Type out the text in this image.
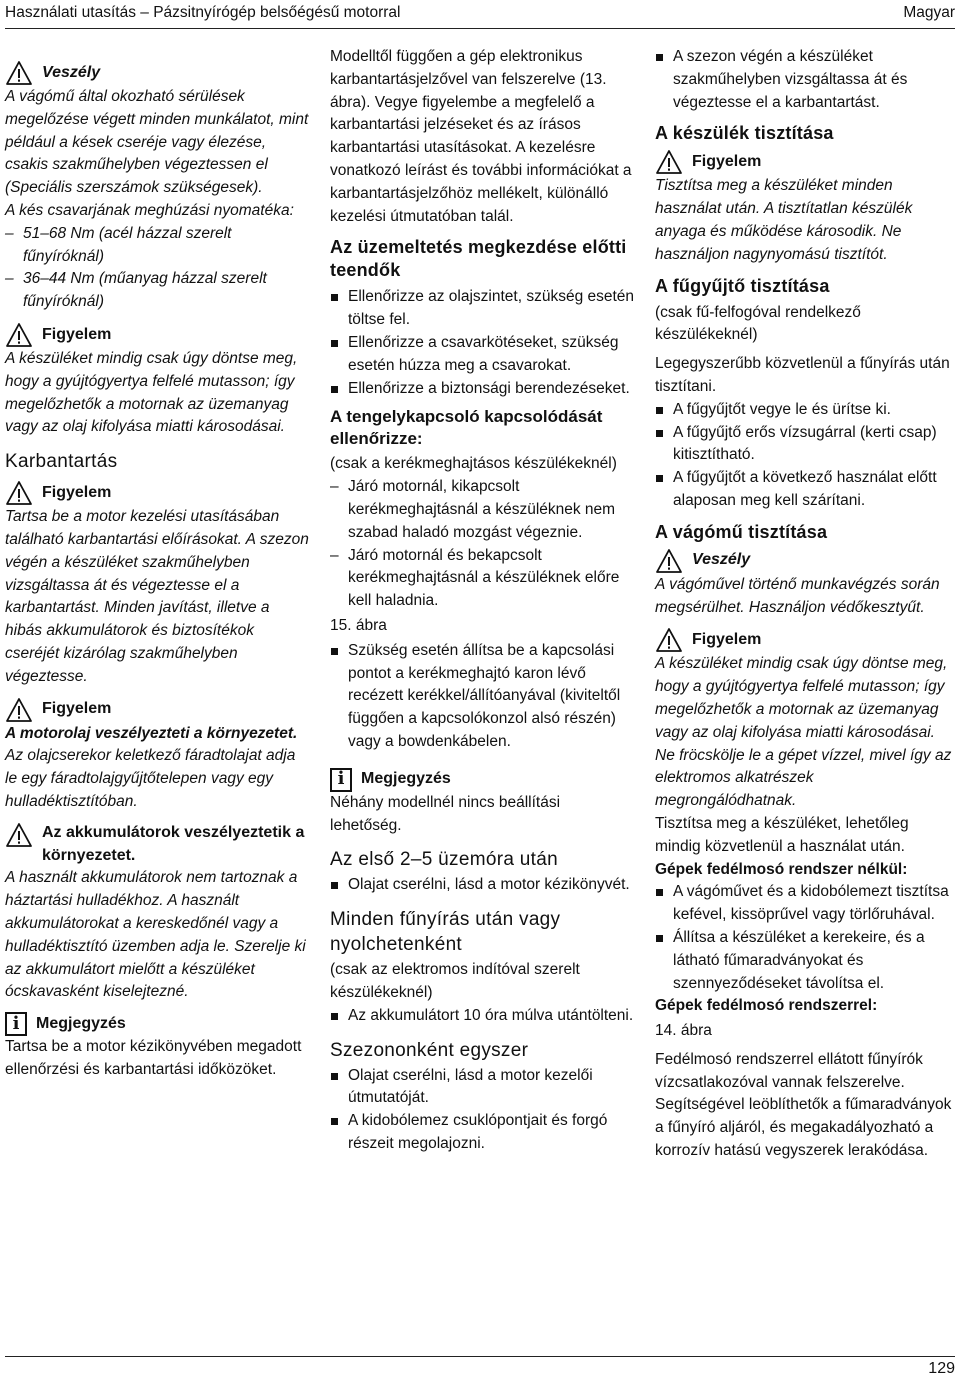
Használati utasítás – Pázsitnyírógép belsőégésű motorral	Magyar
Veszély

A vágómű által okozható sérülések megelőzése végett minden munkálatot, mint például a kések cseréje vagy élezése, csakis szakműhelyben végeztessen el (Speciális szerszámok szükségesek).

A kés csavarjának meghúzási nyomatéka:

– 51–68 Nm (acél házzal szerelt fűnyíróknál)
– 36–44 Nm (műanyag házzal szerelt fűnyíróknál)
Figyelem

A készüléket mindig csak úgy döntse meg, hogy a gyújtógyertya felfelé mutasson; így megelőzhetők a motornak az üzemanyag vagy az olaj kifolyása miatti károsodásai.

Karbantartás
Figyelem

Tartsa be a motor kezelési utasításában található karbantartási előírásokat. A szezon végén a készüléket szakműhelyben vizsgáltassa át és végeztesse el a karbantartást. Minden javítást, illetve a hibás akkumulátorok és biztosítékok cseréjét kizárólag szakműhelyben végeztesse.

Figyelem

A motorolaj veszélyezteti a környezetet.

Az olajcserekor keletkező fáradtolajat adja le egy fáradtolajgyűjtőtelepen vagy egy hulladéktisztítóban.

Az akkumulátorok veszélyeztetik a környezetet.

A használt akkumulátorok nem tartoznak a háztartási hulladékhoz. A használt akkumulátorokat a kereskedőnél vagy a hulladéktisztító üzemben adja le. Szerelje ki az akkumulátort mielőtt a készüléket ócskavasként kiselejtezné.

i	Megjegyzés

Tartsa be a motor kézikönyvében megadott ellenőrzési és karbantartási időközöket.

Modelltől függően a gép elektronikus karbantartásjelzővel van felszerelve (13. ábra). Vegye figyelembe a megfelelő a karbantartási jelzéseket és az írásos karbantartási utasításokat. A kezelésre vonatkozó leírást és további információkat a karbantartásjelzőhöz mellékelt, különálló kezelési útmutatóban talál.

Az üzemeltetés megkezdése előtti teendők
Ellenőrizze az olajszintet, szükség esetén töltse fel.
Ellenőrizze a csavarkötéseket, szükség esetén húzza meg a csavarokat.
Ellenőrizze a biztonsági berendezéseket.
A tengelykapcsoló kapcsolódását ellenőrizze:

(csak a kerékmeghajtásos készülékeknél)

– Járó motornál, kikapcsolt kerékmeghajtásnál a készüléknek nem szabad haladó mozgást végeznie.
– Járó motornál és bekapcsolt kerékmeghajtásnál a készüléknek előre kell haladnia.

15. ábra

Szükség esetén állítsa be a kapcsolási pontot a kerékmeghajtó karon lévő recézett kerékkel/állítóanyával (kiviteltől függően a kapcsolókonzol alsó részén) vagy a bowdenkábelen.
i	Megjegyzés

Néhány modellnél nincs beállítási lehetőség.

Az első 2–5 üzemóra után
Olajat cserélni, lásd a motor kézikönyvét.
Minden fűnyírás után vagy nyolchetenként

(csak az elektromos indítóval szerelt készülékeknél)

Az akkumulátort 10 óra múlva utántölteni.
Szezononként egyszer
Olajat cserélni, lásd a motor kezelői útmutatóját.
A kidobólemez csuklópontjait és forgó részeit megolajozni.
A szezon végén a készüléket szakműhelyben vizsgáltassa át és végeztesse el a karbantartást.
A készülék tisztítása
Figyelem

Tisztítsa meg a készüléket minden használat után. A tisztítatlan készülék anyaga és működése károsodik. Ne használjon nagynyomású tisztítót.

A fűgyűjtő tisztítása

(csak fű-felfogóval rendelkező készülékeknél)

Legegyszerűbb közvetlenül a fűnyírás után tisztítani.

A fűgyűjtőt vegye le és ürítse ki.
A fűgyűjtő erős vízsugárral (kerti csap) kitisztítható.
A fűgyűjtőt a következő használat előtt alaposan meg kell szárítani.
A vágómű tisztítása
Veszély

A vágóművel történő munkavégzés során megsérülhet. Használjon védőkesztyűt.

Figyelem

A készüléket mindig csak úgy döntse meg, hogy a gyújtógyertya felfelé mutasson; így megelőzhetők a motornak az üzemanyag vagy az olaj kifolyása miatti károsodásai. Ne fröcskölje le a gépet vízzel, mivel így az elektromos alkatrészek megrongálódhatnak.

Tisztítsa meg a készüléket, lehetőleg mindig közvetlenül a használat után.

Gépek fedélmosó rendszer nélkül:

A vágóművet és a kidobólemezt tisztítsa kefével, kissöprűvel vagy törlőruhával.
Állítsa a készüléket a kerekeire, és a látható fűmaradványokat és szennyeződéseket távolítsa el.

Gépek fedélmosó rendszerrel:

14. ábra

Fedélmosó rendszerrel ellátott fűnyírók vízcsatlakozóval vannak felszerelve. Segítségével leöblíthetők a fűmaradványok a fűnyíró aljáról, és megakadályozható a korrozív hatású vegyszerek lerakódása.

129
